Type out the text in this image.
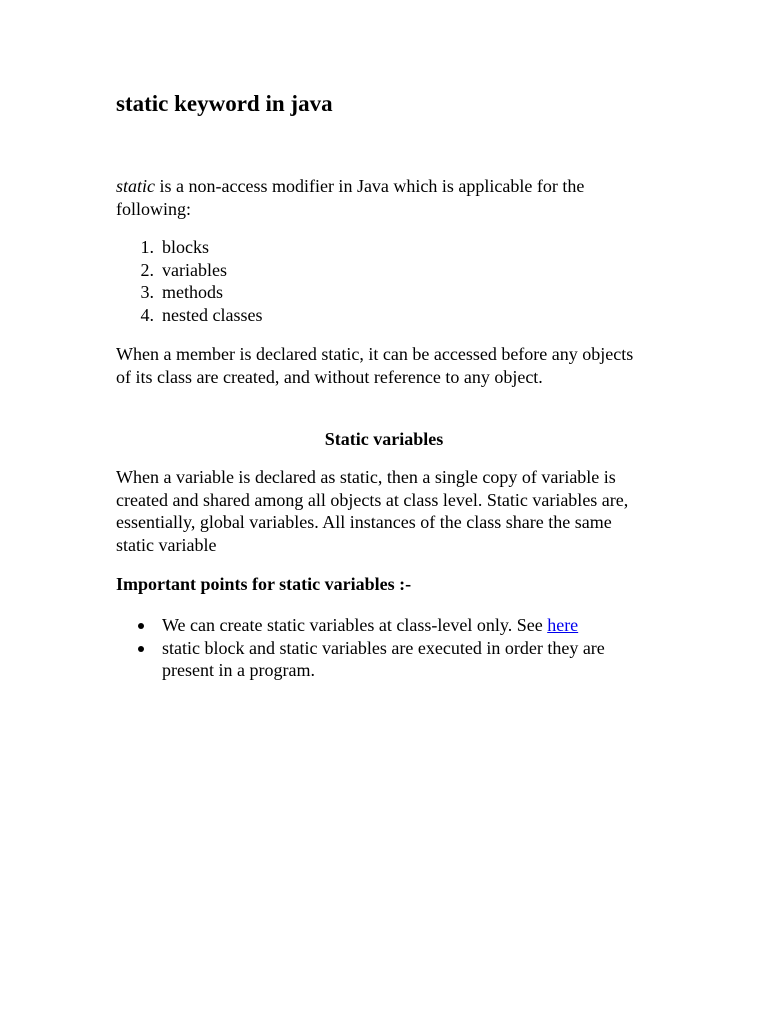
static keyword in java

static is a non-access modifier in Java which is applicable for the following:

1. blocks
2. variables
3. methods
4. nested classes

When a member is declared static, it can be accessed before any objects of its class are created, and without reference to any object.

Static variables

When a variable is declared as static, then a single copy of variable is created and shared among all objects at class level. Static variables are, essentially, global variables. All instances of the class share the same static variable

Important points for static variables :-
We can create static variables at class-level only. See here
static block and static variables are executed in order they are present in a program.
